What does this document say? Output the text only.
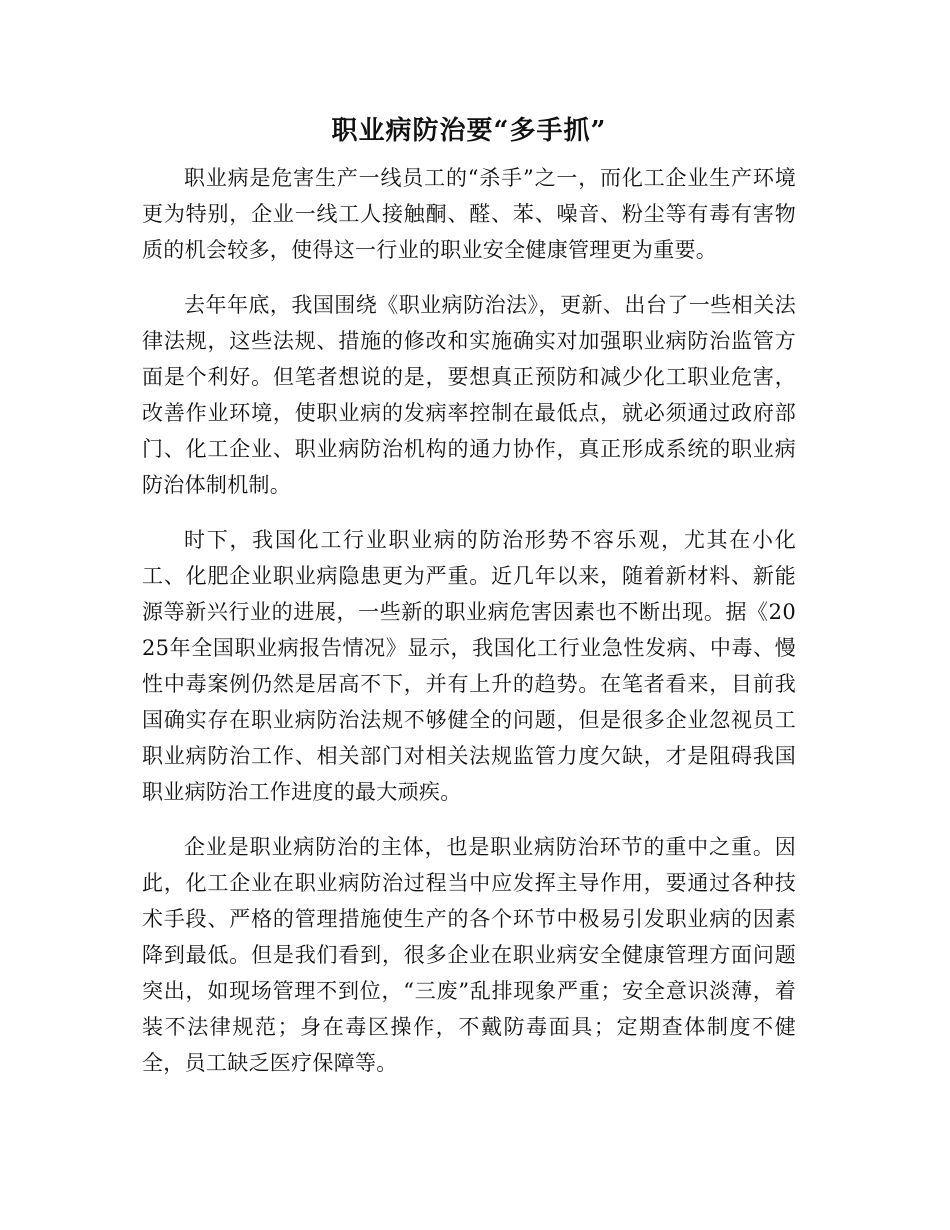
职业病防治要“多手抓”

职业病是危害生产一线员工的“杀手”之一，而化工企业生产环境更为特别，企业一线工人接触酮、醛、苯、噪音、粉尘等有毒有害物质的机会较多，使得这一行业的职业安全健康管理更为重要。

去年年底，我国围绕《职业病防治法》，更新、出台了一些相关法律法规，这些法规、措施的修改和实施确实对加强职业病防治监管方面是个利好。但笔者想说的是，要想真正预防和减少化工职业危害，改善作业环境，使职业病的发病率控制在最低点，就必须通过政府部门、化工企业、职业病防治机构的通力协作，真正形成系统的职业病防治体制机制。

时下，我国化工行业职业病的防治形势不容乐观，尤其在小化工、化肥企业职业病隐患更为严重。近几年以来，随着新材料、新能源等新兴行业的进展，一些新的职业病危害因素也不断出现。据《2025年全国职业病报告情况》显示，我国化工行业急性发病、中毒、慢性中毒案例仍然是居高不下，并有上升的趋势。在笔者看来，目前我国确实存在职业病防治法规不够健全的问题，但是很多企业忽视员工职业病防治工作、相关部门对相关法规监管力度欠缺，才是阻碍我国职业病防治工作进度的最大顽疾。

企业是职业病防治的主体，也是职业病防治环节的重中之重。因此，化工企业在职业病防治过程当中应发挥主导作用，要通过各种技术手段、严格的管理措施使生产的各个环节中极易引发职业病的因素降到最低。但是我们看到，很多企业在职业病安全健康管理方面问题突出，如现场管理不到位，“三废”乱排现象严重；安全意识淡薄，着装不法律规范；身在毒区操作，不戴防毒面具；定期查体制度不健全，员工缺乏医疗保障等。
